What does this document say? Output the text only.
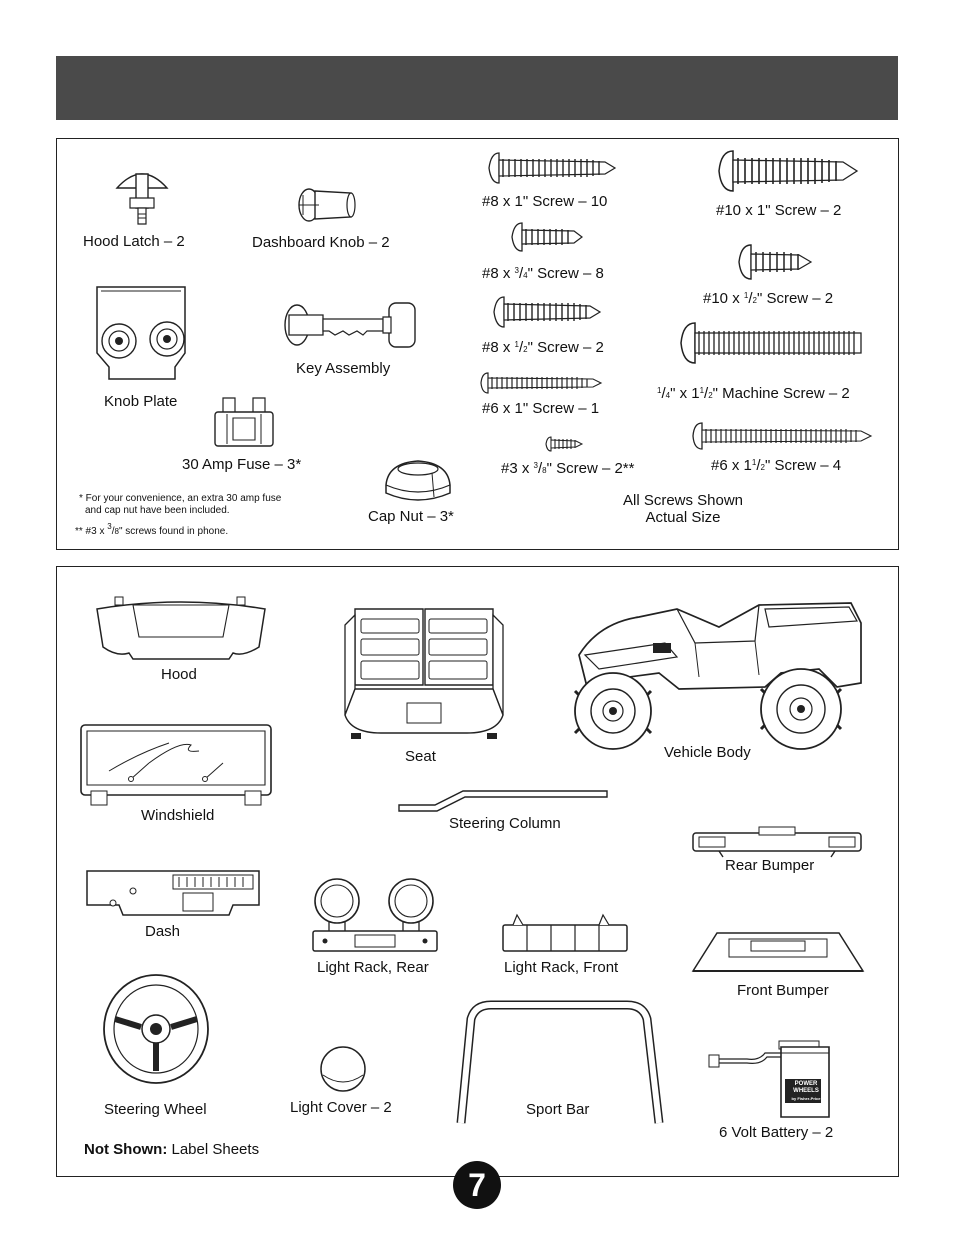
Hood Latch – 2	Dashboard Knob – 2
Knob Plate
Key Assembly
30 Amp Fuse – 3*
Cap Nut – 3*
* For your convenience, an extra 30 amp fuse
and cap nut have been included.
** #3 x $^3$/8" screws found in phone.
#8 x 1" Screw – 10
#8 x $^3$/4" Screw – 8
#8 x $^1$/2" Screw – 2
#6 x 1" Screw – 1
#3 x $^3$/8" Screw – 2**
#10 x 1" Screw – 2
#10 x $^1$/2" Screw – 2
$^1$/4" x $1^1/2$" Machine Screw – 2
#6 x $1^1/2$" Screw – 4
All Screws Shown
Actual Size
Hood
Windshield
Dash
Steering Wheel
Not Shown: Label Sheets
Seat	Vehicle Body
Steering Column
Rear Bumper
Light Rack, Rear	Light Rack, Front
Front Bumper
Light Cover – 2	Sport Bar
POWER
WHEELS
by Fisher-Price
6 Volt Battery – 2
7
